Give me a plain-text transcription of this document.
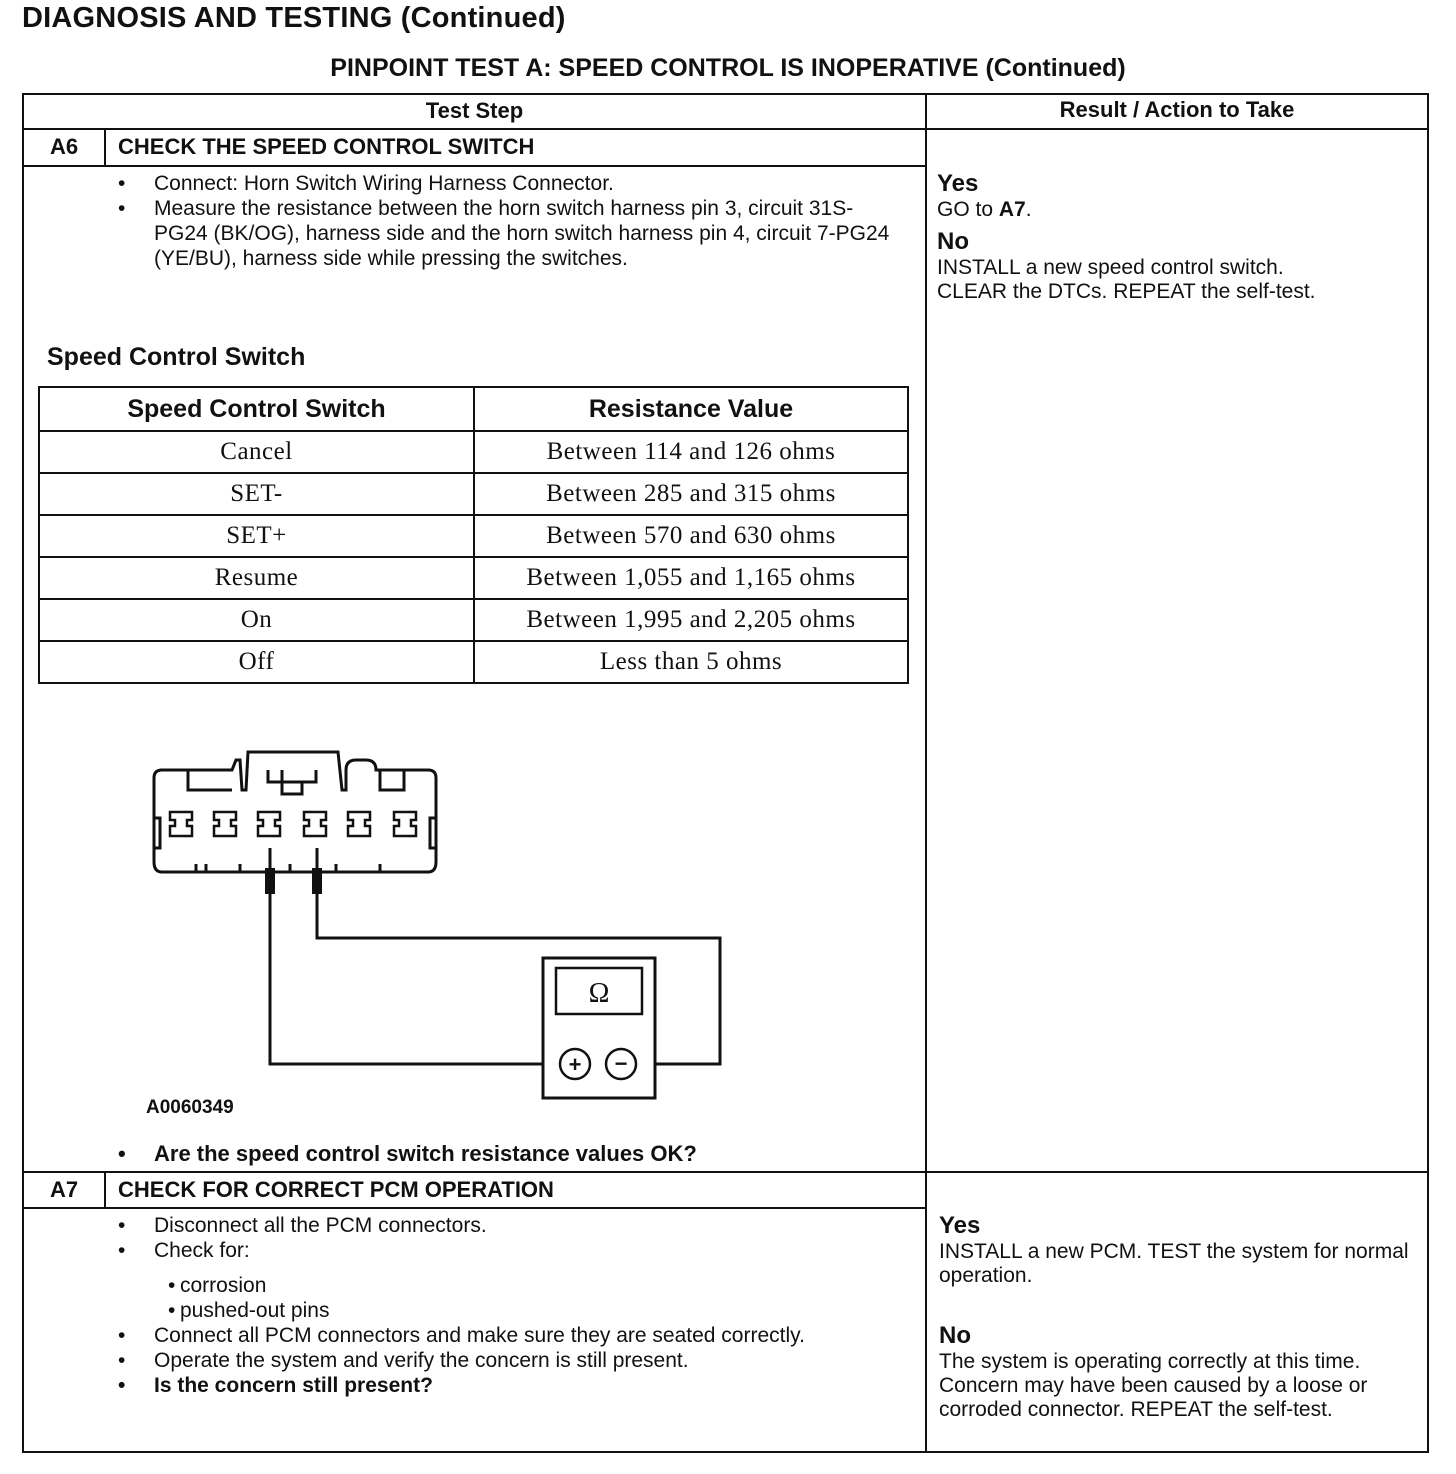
DIAGNOSIS AND TESTING (Continued)
PINPOINT TEST A: SPEED CONTROL IS INOPERATIVE (Continued)
Test Step	Result / Action to Take
A6	CHECK THE SPEED CONTROL SWITCH
• Connect: Horn Switch Wiring Harness Connector.
• Measure the resistance between the horn switch harness pin 3, circuit 31S-PG24 (BK/OG), harness side and the horn switch harness pin 4, circuit 7-PG24 (YE/BU), harness side while pressing the switches.
Speed Control Switch
Speed Control Switch	Resistance Value
Cancel	Between 114 and 126 ohms
SET-	Between 285 and 315 ohms
SET+	Between 570 and 630 ohms
Resume	Between 1,055 and 1,165 ohms
On	Between 1,995 and 2,205 ohms
Off	Less than 5 ohms
Ω
+ −
A0060349
• Are the speed control switch resistance values OK?
Yes
GO to A7.
No
INSTALL a new speed control switch.
CLEAR the DTCs. REPEAT the self-test.
A7	CHECK FOR CORRECT PCM OPERATION
• Disconnect all the PCM connectors.
• Check for:
• corrosion
• pushed-out pins
• Connect all PCM connectors and make sure they are seated correctly.
• Operate the system and verify the concern is still present.
• Is the concern still present?
Yes
INSTALL a new PCM. TEST the system for normal operation.
No
The system is operating correctly at this time. Concern may have been caused by a loose or corroded connector. REPEAT the self-test.
